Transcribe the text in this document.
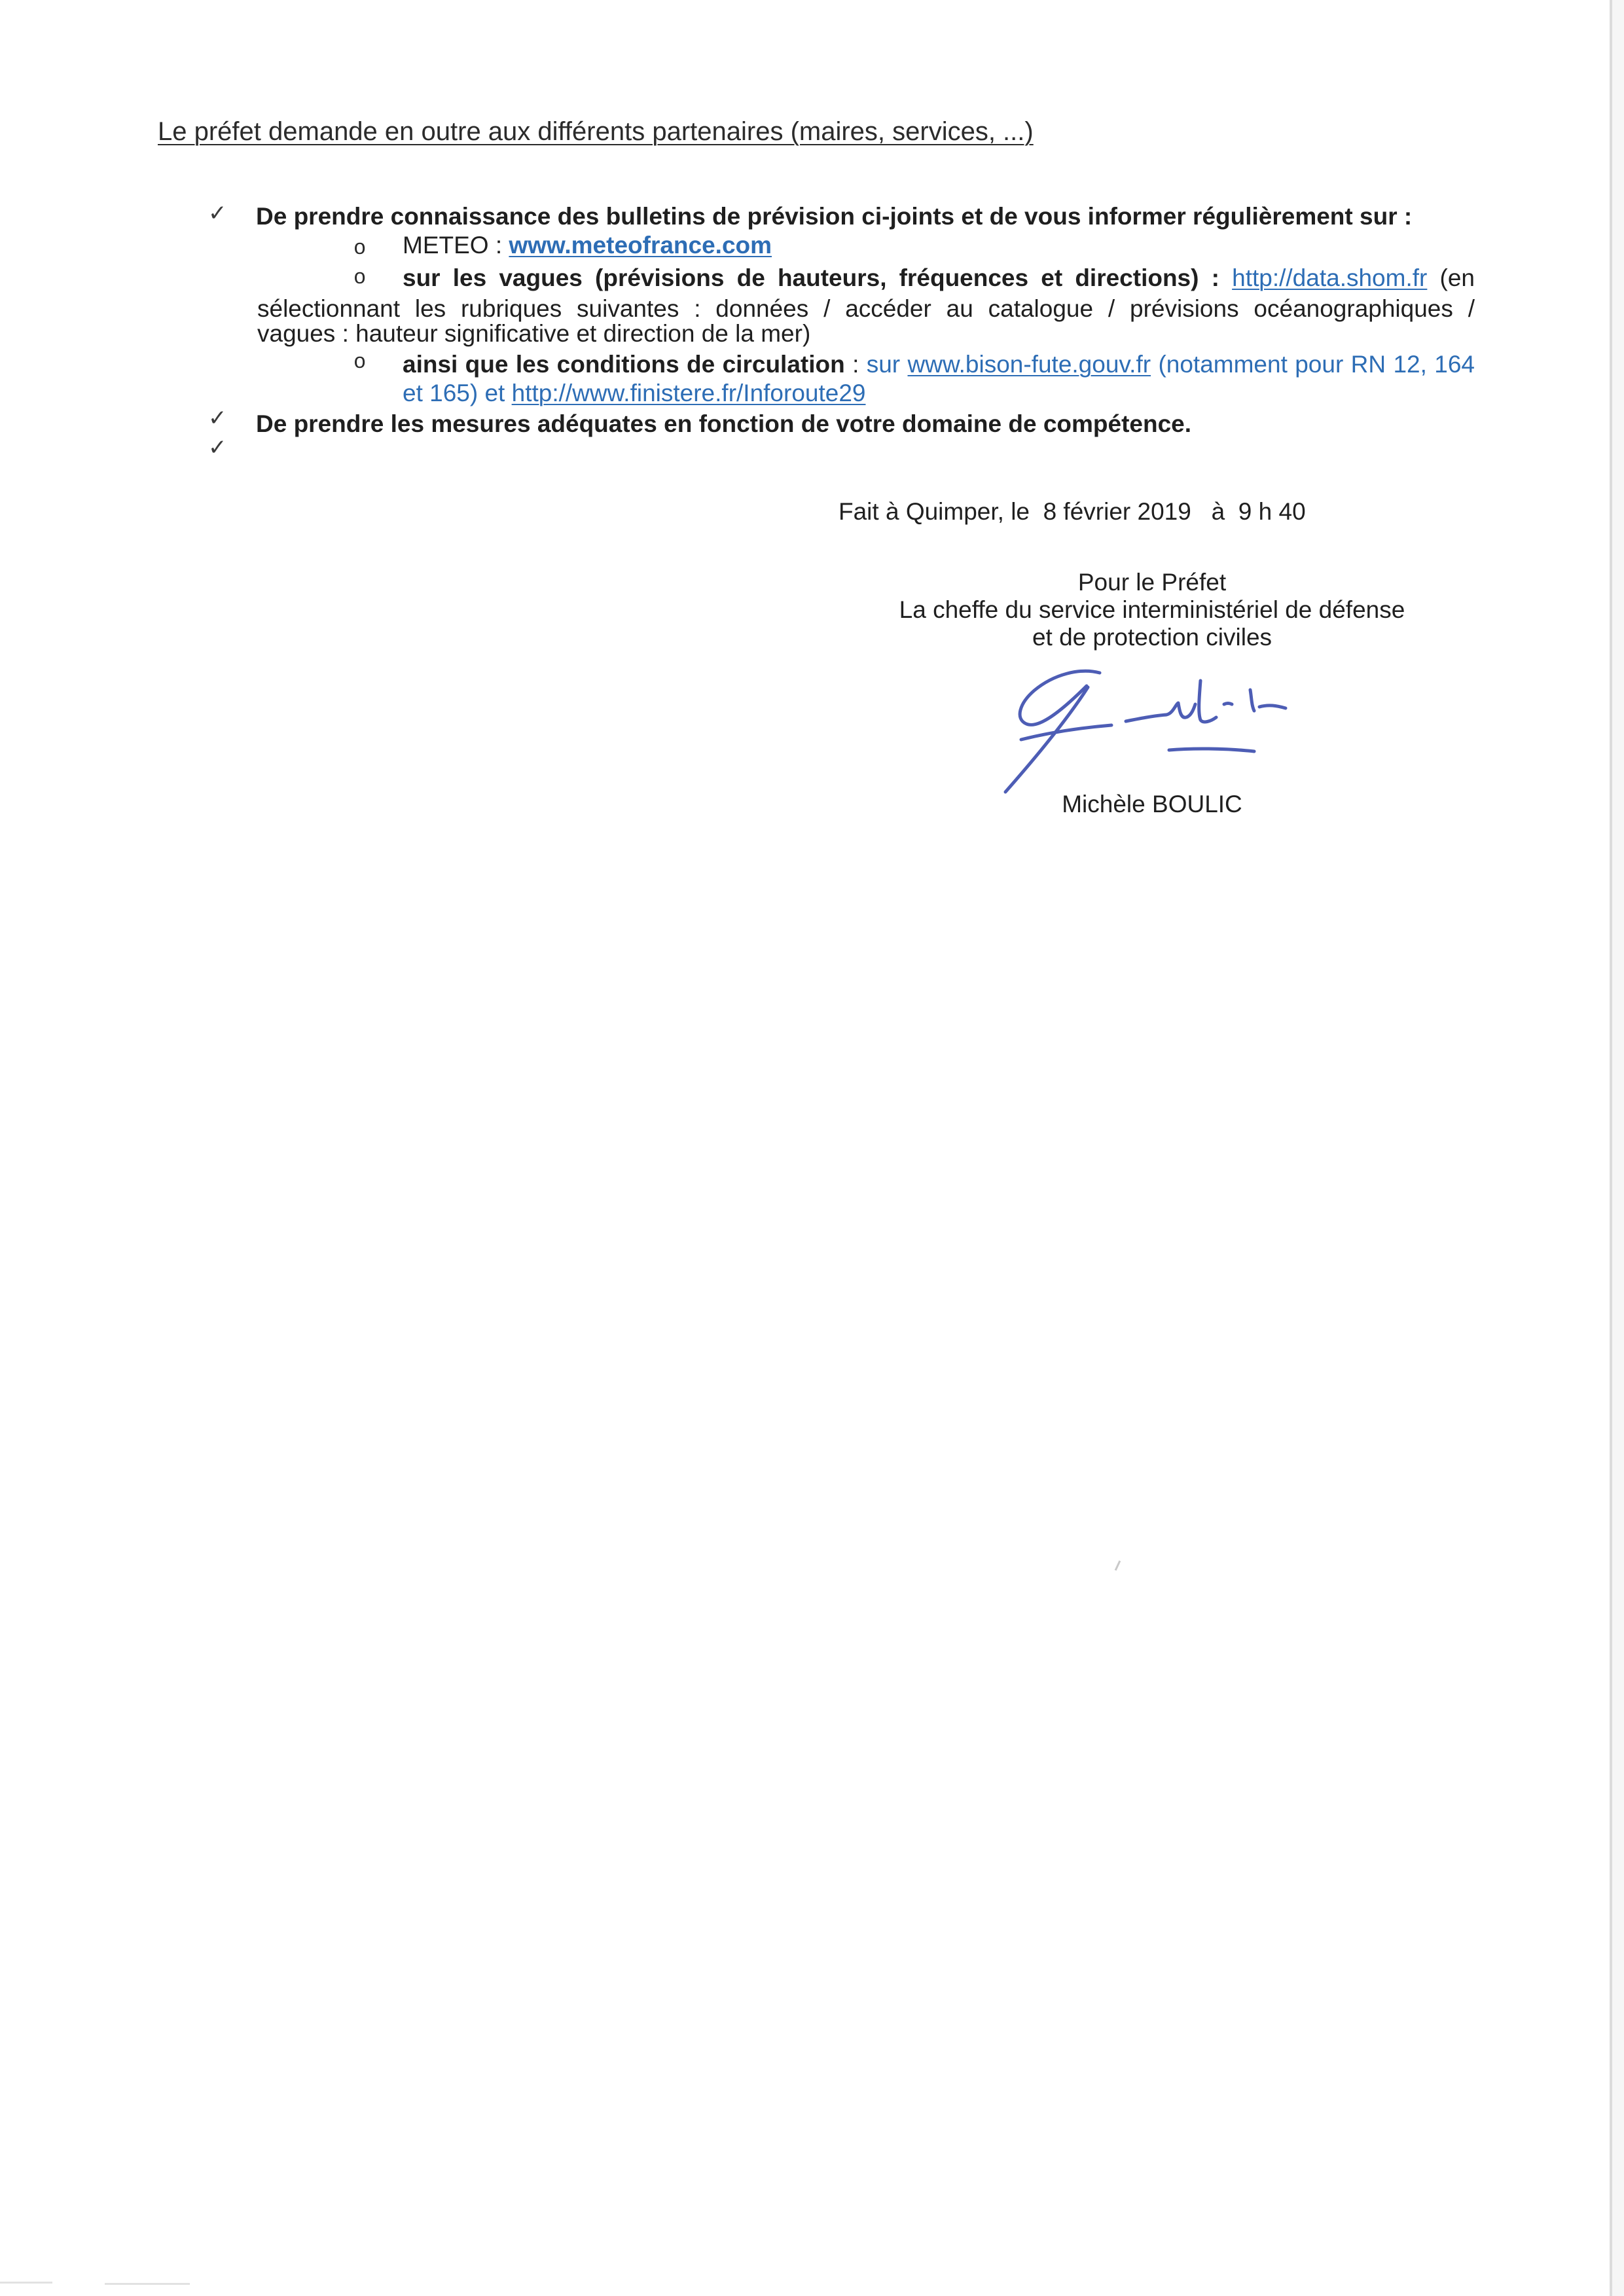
Le préfet demande en outre aux différents partenaires (maires, services, ...)
✓ De prendre connaissance des bulletins de prévision ci-joints et de vous informer régulièrement sur :
o METEO : www.meteofrance.com
o sur les vagues (prévisions de hauteurs, fréquences et directions) : http://data.shom.fr (en
sélectionnant les rubriques suivantes : données / accéder au catalogue / prévisions océanographiques /
vagues : hauteur significative et direction de la mer)
o ainsi que les conditions de circulation : sur www.bison-fute.gouv.fr (notamment pour RN 12, 164
et 165) et http://www.finistere.fr/Inforoute29
✓ De prendre les mesures adéquates en fonction de votre domaine de compétence.
✓
Fait à Quimper, le  8 février 2019   à  9 h 40
Pour le Préfet
La cheffe du service interministériel de défense
et de protection civiles
Michèle BOULIC
